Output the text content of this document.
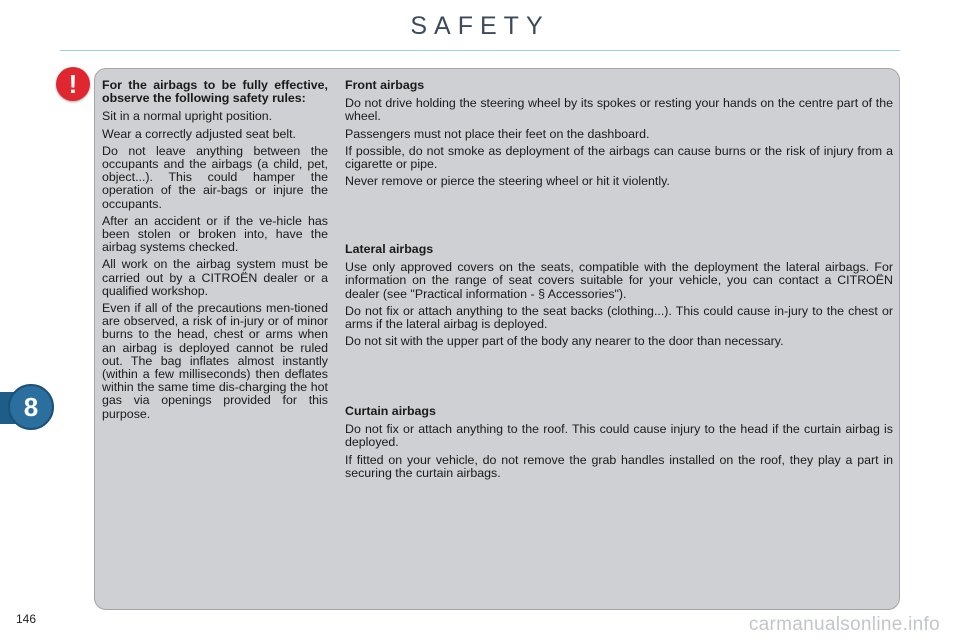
SAFETY
!	For the airbags to be fully effective, observe the following safety rules:

Sit in a normal upright position.

Wear a correctly adjusted seat belt.

Do not leave anything between the occupants and the airbags (a child, pet, object...). This could hamper the operation of the air-bags or injure the occupants.

After an accident or if the ve-hicle has been stolen or broken into, have the airbag systems checked.

All work on the airbag system must be carried out by a CITROËN dealer or a qualified workshop.

Even if all of the precautions men-tioned are observed, a risk of in-jury or of minor burns to the head, chest or arms when an airbag is deployed cannot be ruled out. The bag inflates almost instantly (within a few milliseconds) then deflates within the same time dis-charging the hot gas via openings provided for this purpose.

Front airbags

Do not drive holding the steering wheel by its spokes or resting your hands on the centre part of the wheel.

Passengers must not place their feet on the dashboard.

If possible, do not smoke as deployment of the airbags can cause burns or the risk of injury from a cigarette or pipe.

Never remove or pierce the steering wheel or hit it violently.

Lateral airbags

Use only approved covers on the seats, compatible with the deployment the lateral airbags. For information on the range of seat covers suitable for your vehicle, you can contact a CITROËN dealer (see "Practical information - § Accessories").

Do not fix or attach anything to the seat backs (clothing...). This could cause in-jury to the chest or arms if the lateral airbag is deployed.

Do not sit with the upper part of the body any nearer to the door than necessary.

Curtain airbags

Do not fix or attach anything to the roof. This could cause injury to the head if the curtain airbag is deployed.

If fitted on your vehicle, do not remove the grab handles installed on the roof, they play a part in securing the curtain airbags.

8
146	carmanualsonline.info
